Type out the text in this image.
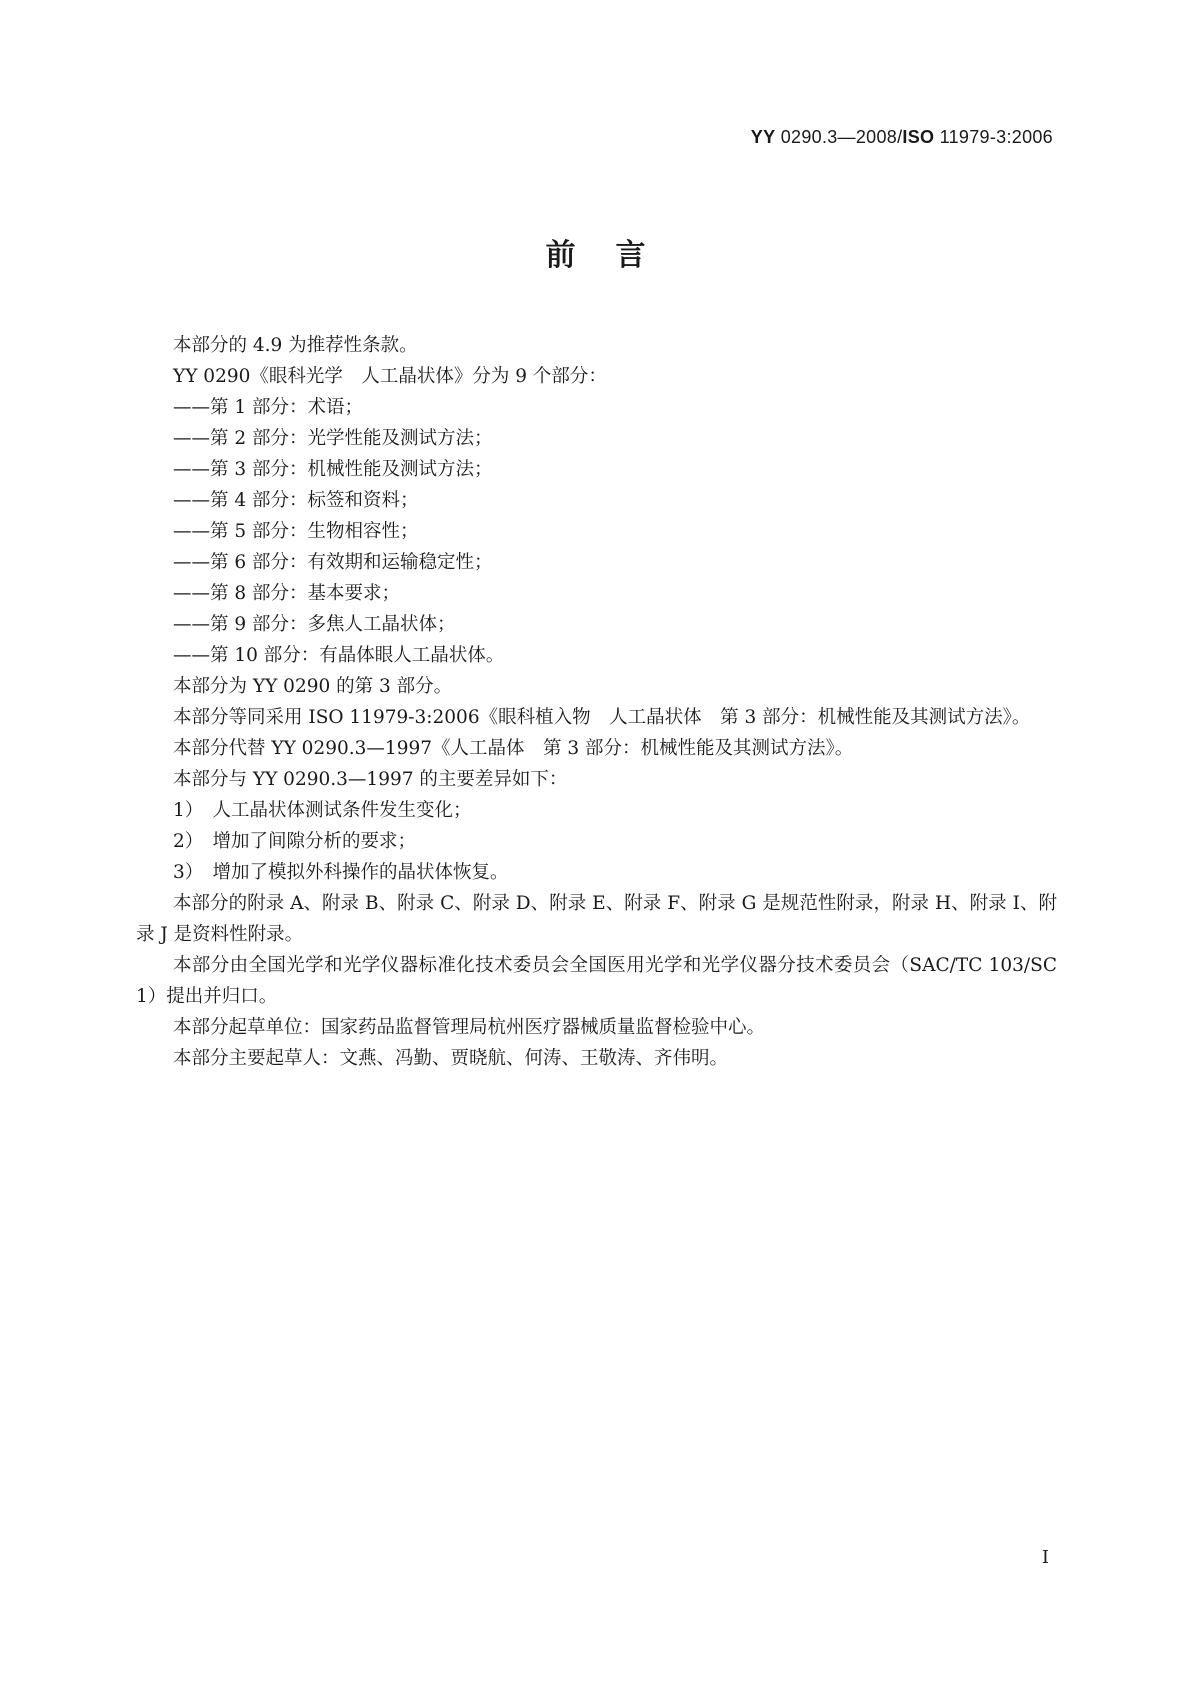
YY 0290.3—2008/ISO 11979-3:2006
前言

本部分的 4.9 为推荐性条款。

YY 0290《眼科光学　人工晶状体》分为 9 个部分：

——第 1 部分：术语；

——第 2 部分：光学性能及测试方法；

——第 3 部分：机械性能及测试方法；

——第 4 部分：标签和资料；

——第 5 部分：生物相容性；

——第 6 部分：有效期和运输稳定性；

——第 8 部分：基本要求；

——第 9 部分：多焦人工晶状体；

——第 10 部分：有晶体眼人工晶状体。

本部分为 YY 0290 的第 3 部分。

本部分等同采用 ISO 11979-3:2006《眼科植入物　人工晶状体　第 3 部分：机械性能及其测试方法》。

本部分代替 YY 0290.3—1997《人工晶体　第 3 部分：机械性能及其测试方法》。

本部分与 YY 0290.3—1997 的主要差异如下：

1）　人工晶状体测试条件发生变化；

2）　增加了间隙分析的要求；

3）　增加了模拟外科操作的晶状体恢复。

本部分的附录 A、附录 B、附录 C、附录 D、附录 E、附录 F、附录 G 是规范性附录，附录 H、附录 I、附录 J 是资料性附录。

本部分由全国光学和光学仪器标准化技术委员会全国医用光学和光学仪器分技术委员会（SAC/TC 103/SC 1）提出并归口。

本部分起草单位：国家药品监督管理局杭州医疗器械质量监督检验中心。

本部分主要起草人：文燕、冯勤、贾晓航、何涛、王敬涛、齐伟明。

I
